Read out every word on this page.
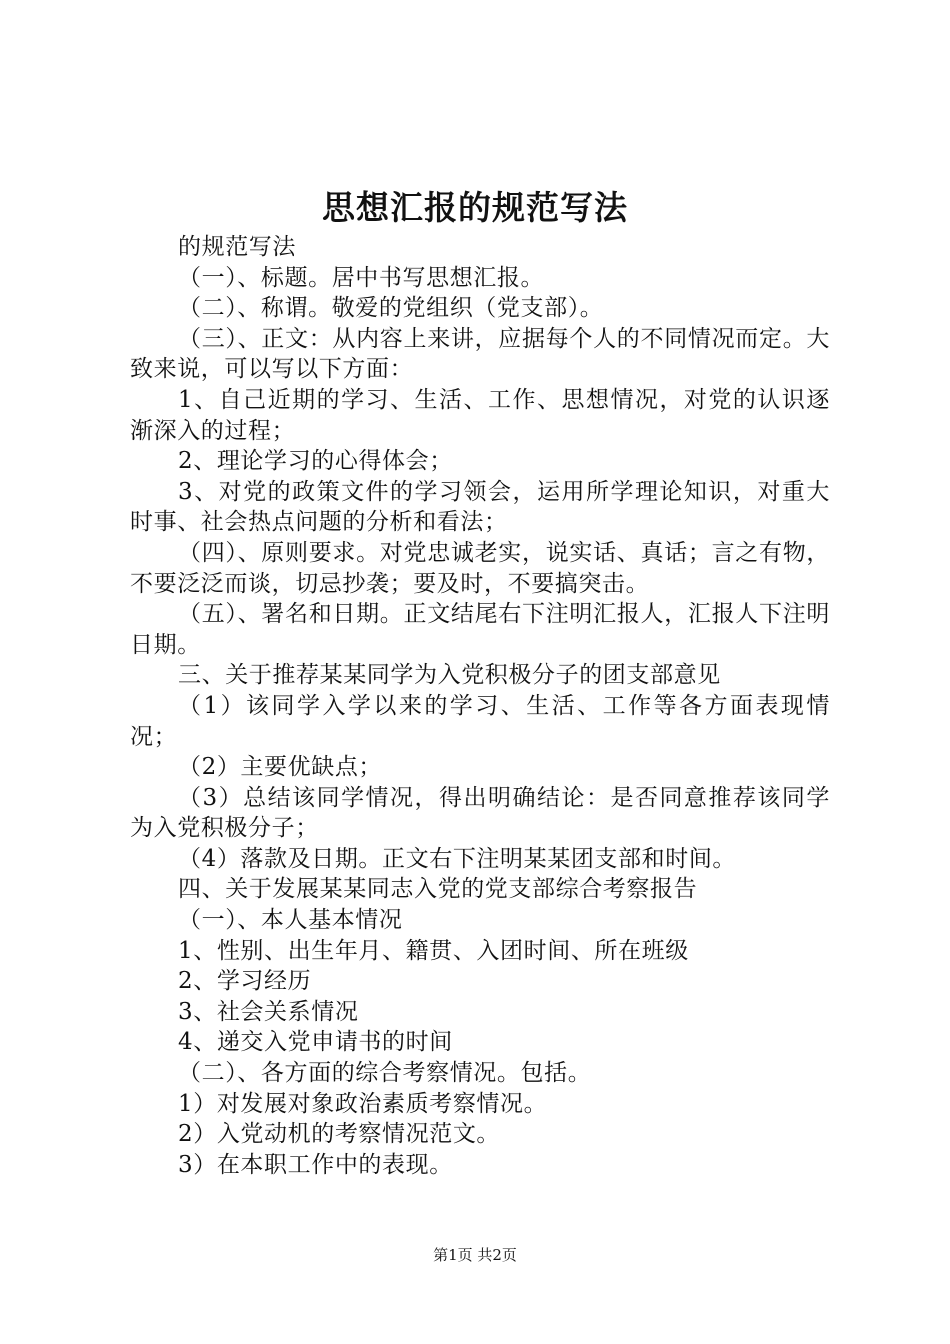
思想汇报的规范写法

的规范写法

（一）、标题。居中书写思想汇报。

（二）、称谓。敬爱的党组织（党支部）。

（三）、正文：从内容上来讲，应据每个人的不同情况而定。大致来说，可以写以下方面：

1、自己近期的学习、生活、工作、思想情况，对党的认识逐渐深入的过程；

2、理论学习的心得体会；

3、对党的政策文件的学习领会，运用所学理论知识，对重大时事、社会热点问题的分析和看法；

（四）、原则要求。对党忠诚老实，说实话、真话；言之有物，不要泛泛而谈，切忌抄袭；要及时，不要搞突击。

（五）、署名和日期。正文结尾右下注明汇报人，汇报人下注明日期。

三、关于推荐某某同学为入党积极分子的团支部意见

（1）该同学入学以来的学习、生活、工作等各方面表现情况；

（2）主要优缺点；

（3）总结该同学情况，得出明确结论：是否同意推荐该同学为入党积极分子；

（4）落款及日期。正文右下注明某某团支部和时间。

四、关于发展某某同志入党的党支部综合考察报告

（一）、本人基本情况

1、性别、出生年月、籍贯、入团时间、所在班级

2、学习经历

3、社会关系情况

4、递交入党申请书的时间

（二）、各方面的综合考察情况。包括。

1）对发展对象政治素质考察情况。

2）入党动机的考察情况范文。

3）在本职工作中的表现。

第1页 共2页
